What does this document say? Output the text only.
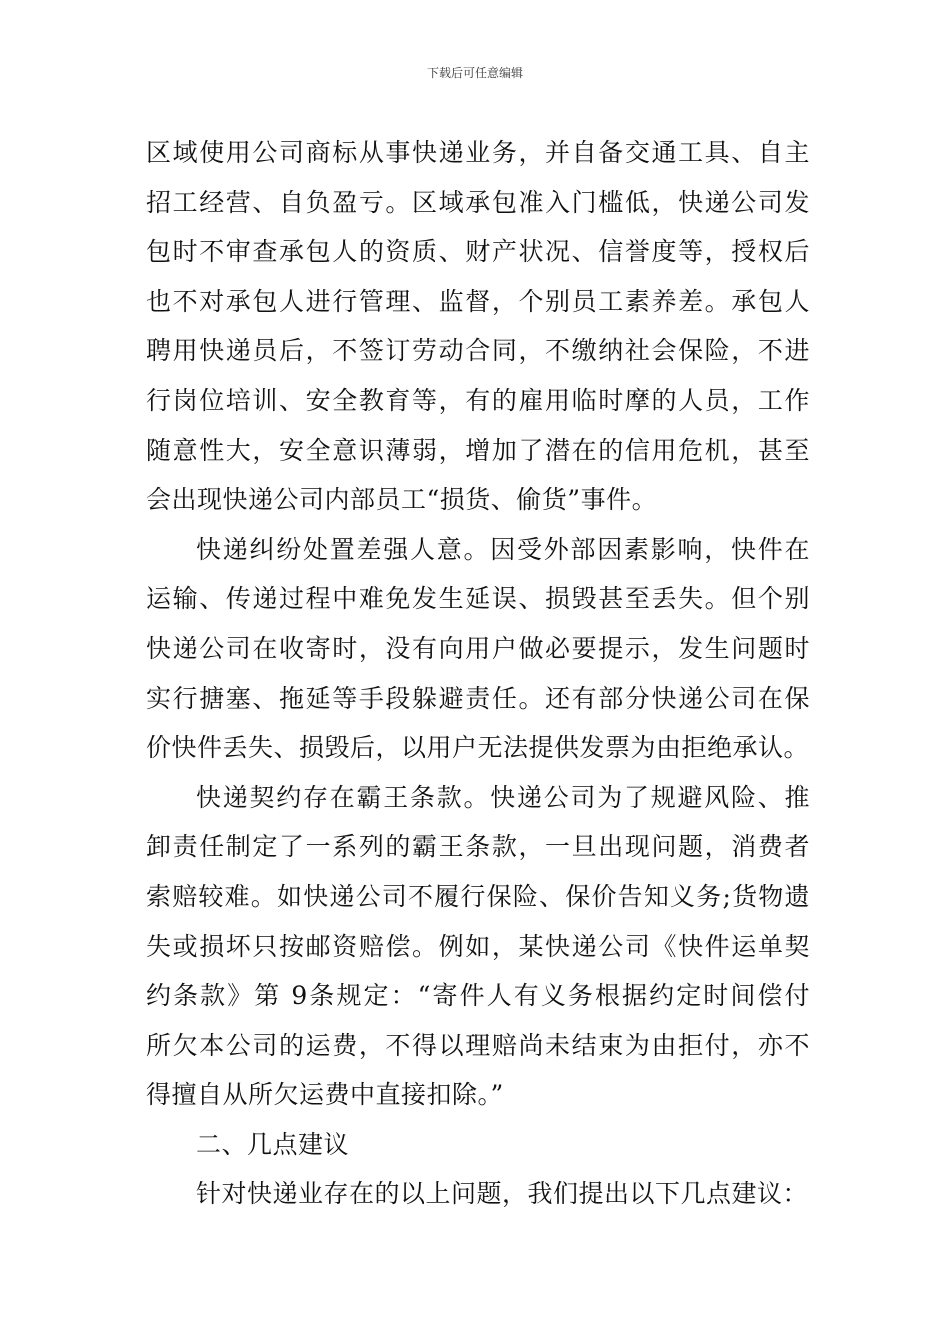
下载后可任意编辑
区域使用公司商标从事快递业务，并自备交通工具、自主
招工经营、自负盈亏。区域承包准入门槛低，快递公司发
包时不审查承包人的资质、财产状况、信誉度等，授权后
也不对承包人进行管理、监督，个别员工素养差。承包人
聘用快递员后，不签订劳动合同，不缴纳社会保险，不进
行岗位培训、安全教育等，有的雇用临时摩的人员，工作
随意性大，安全意识薄弱，增加了潜在的信用危机，甚至
会出现快递公司内部员工“损货、偷货”事件。
快递纠纷处置差强人意。因受外部因素影响，快件在
运输、传递过程中难免发生延误、损毁甚至丢失。但个别
快递公司在收寄时，没有向用户做必要提示，发生问题时
实行搪塞、拖延等手段躲避责任。还有部分快递公司在保
价快件丢失、损毁后，以用户无法提供发票为由拒绝承认。
快递契约存在霸王条款。快递公司为了规避风险、推
卸责任制定了一系列的霸王条款，一旦出现问题，消费者
索赔较难。如快递公司不履行保险、保价告知义务;货物遗
失或损坏只按邮资赔偿。例如，某快递公司《快件运单契
约条款》第 9条规定：“寄件人有义务根据约定时间偿付
所欠本公司的运费，不得以理赔尚未结束为由拒付，亦不
得擅自从所欠运费中直接扣除。”
二、几点建议
针对快递业存在的以上问题，我们提出以下几点建议：
